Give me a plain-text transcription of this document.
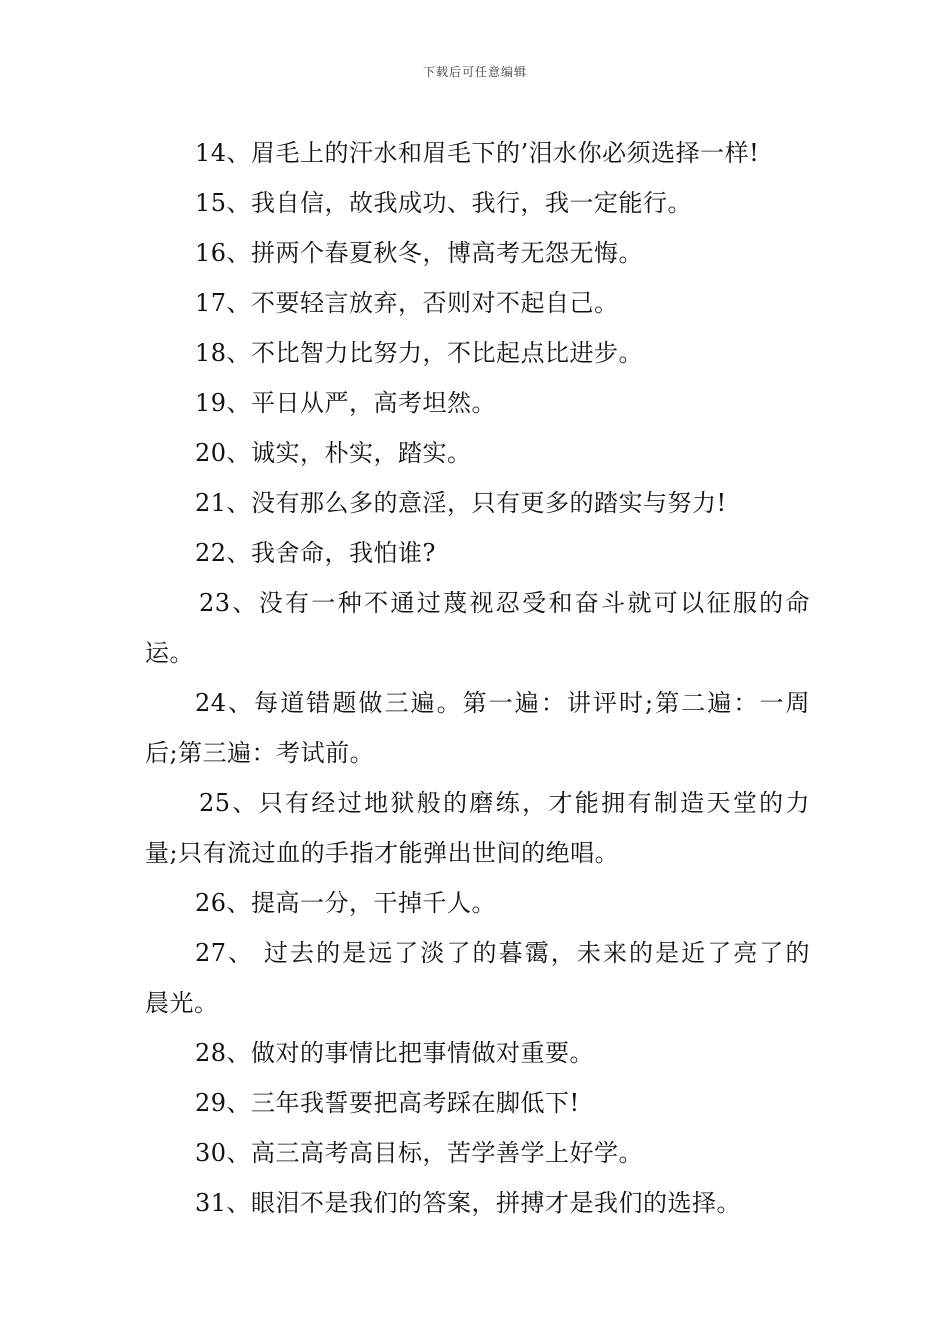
下载后可任意编辑
14、眉毛上的汗水和眉毛下的’泪水你必须选择一样!
15、我自信，故我成功、我行，我一定能行。
16、拼两个春夏秋冬，博高考无怨无悔。
17、不要轻言放弃，否则对不起自己。
18、不比智力比努力，不比起点比进步。
19、平日从严，高考坦然。
20、诚实，朴实，踏实。
21、没有那么多的意淫，只有更多的踏实与努力!
22、我舍命，我怕谁?
23、没有一种不通过蔑视忍受和奋斗就可以征服的命
运。
24、每道错题做三遍。第一遍：讲评时;第二遍：一周
后;第三遍：考试前。
25、只有经过地狱般的磨练，才能拥有制造天堂的力
量;只有流过血的手指才能弹出世间的绝唱。
26、提高一分，干掉千人。
27、 过去的是远了淡了的暮霭，未来的是近了亮了的
晨光。
28、做对的事情比把事情做对重要。
29、三年我誓要把高考踩在脚低下!
30、高三高考高目标，苦学善学上好学。
31、眼泪不是我们的答案，拼搏才是我们的选择。
